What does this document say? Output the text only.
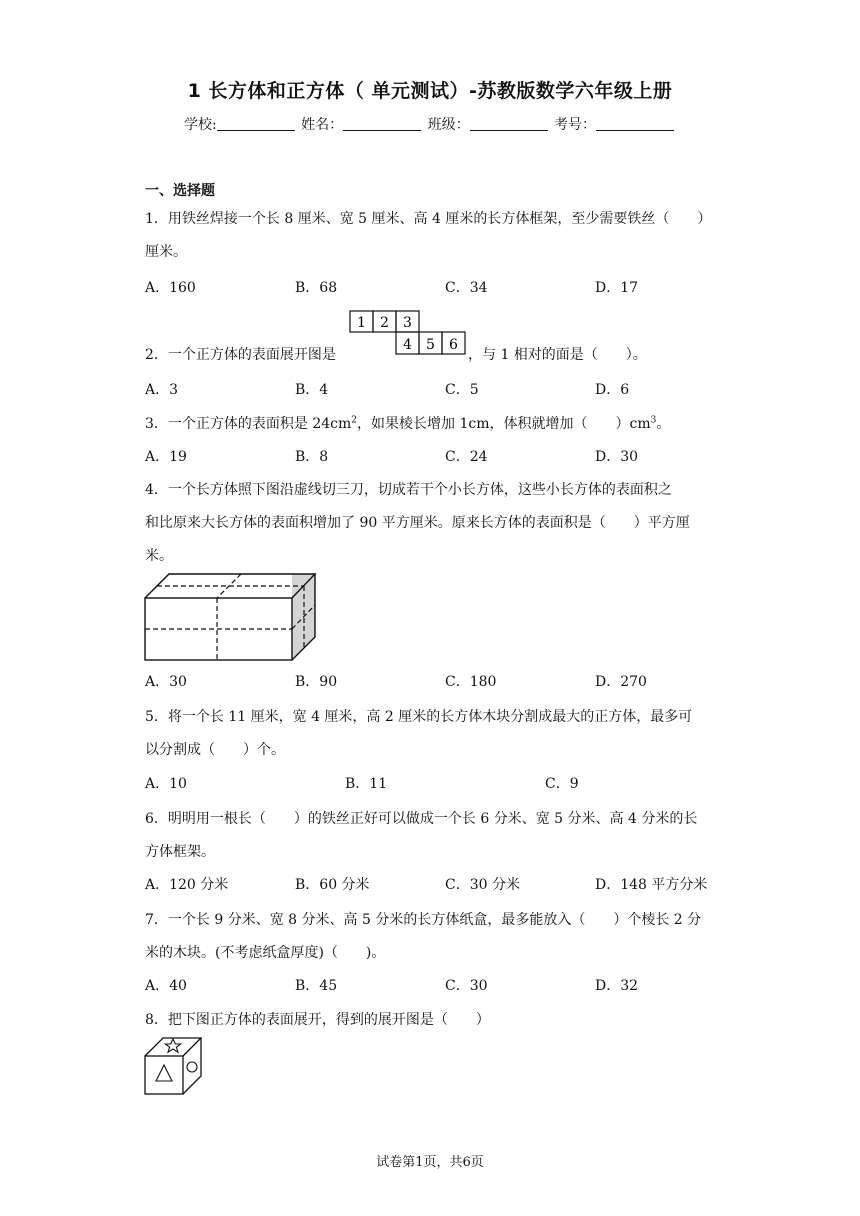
1 长方体和正方体（ 单元测试）-苏教版数学六年级上册
学校:	姓名：	班级：	考号：
一、选择题
1．用铁丝焊接一个长 8 厘米、宽 5 厘米、高 4 厘米的长方体框架，至少需要铁丝（　　）
厘米。
A．160	B．68	C．34	D．17
2．一个正方体的表面展开图是
1 2 3
4 5 6
，与 1 相对的面是（　　）。
A．3	B．4	C．5	D．6
3．一个正方体的表面积是 $24cm^2$，如果棱长增加 1cm，体积就增加（　　）$cm^3$。
A．19	B．8	C．24	D．30
4．一个长方体照下图沿虚线切三刀，切成若干个小长方体，这些小长方体的表面积之
和比原来大长方体的表面积增加了 90 平方厘米。原来长方体的表面积是（　　）平方厘
米。
A．30	B．90	C．180	D．270
5．将一个长 11 厘米，宽 4 厘米，高 2 厘米的长方体木块分割成最大的正方体，最多可
以分割成（　　）个。
A．10	B．11	C．9
6．明明用一根长（　　）的铁丝正好可以做成一个长 6 分米、宽 5 分米、高 4 分米的长
方体框架。
A．120 分米	B．60 分米	C．30 分米	D．148 平方分米
7．一个长 9 分米、宽 8 分米、高 5 分米的长方体纸盒，最多能放入（　　）个棱长 2 分
米的木块。(不考虑纸盒厚度)（　　)。
A．40	B．45	C．30	D．32
8．把下图正方体的表面展开，得到的展开图是（　　）
试卷第1页，共6页
